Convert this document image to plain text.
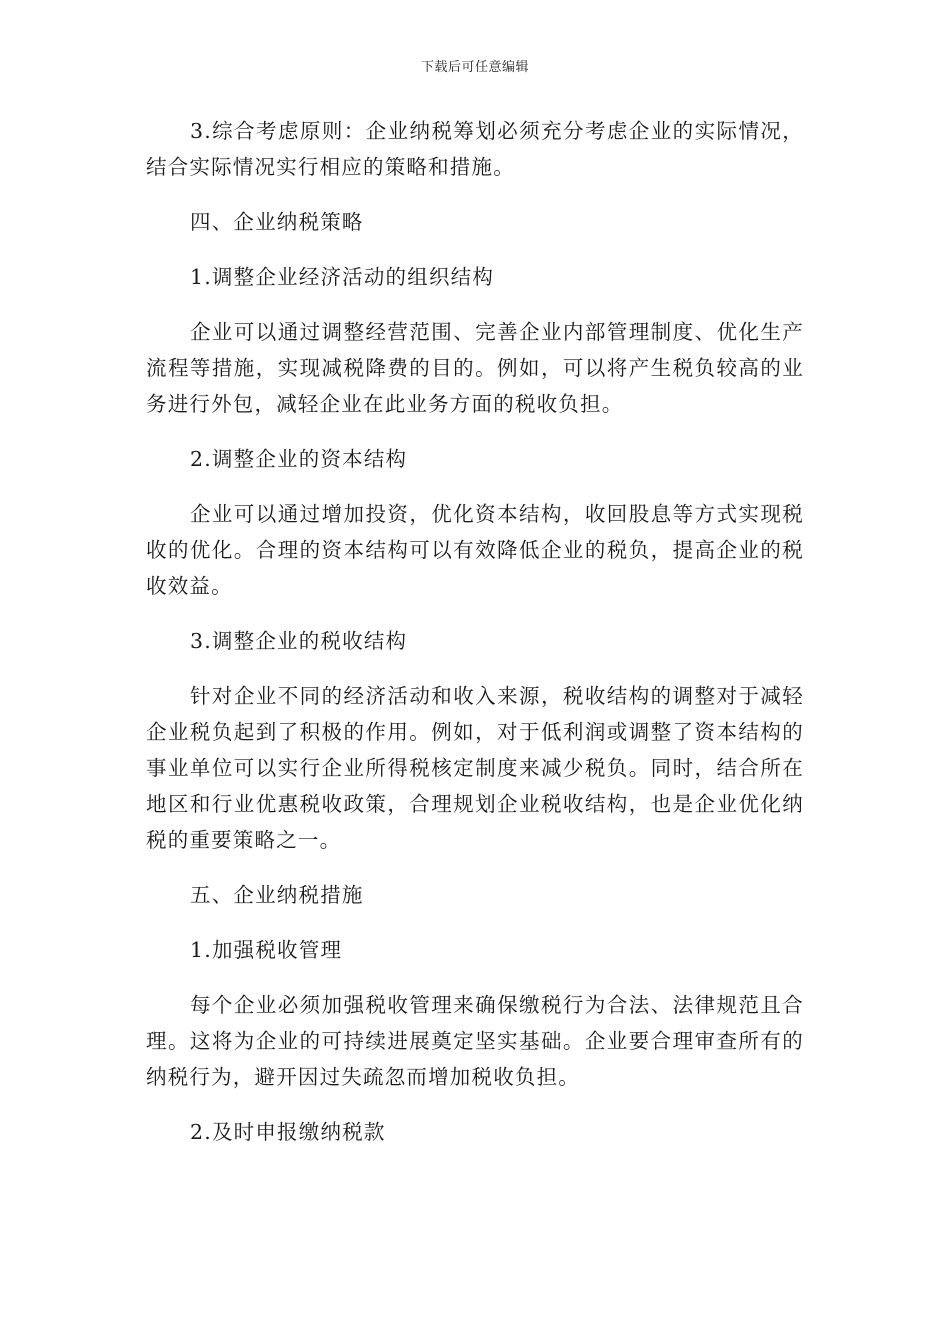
下载后可任意编辑

3.综合考虑原则：企业纳税筹划必须充分考虑企业的实际情况，结合实际情况实行相应的策略和措施。

四、企业纳税策略

1.调整企业经济活动的组织结构

企业可以通过调整经营范围、完善企业内部管理制度、优化生产流程等措施，实现减税降费的目的。例如，可以将产生税负较高的业务进行外包，减轻企业在此业务方面的税收负担。

2.调整企业的资本结构

企业可以通过增加投资，优化资本结构，收回股息等方式实现税收的优化。合理的资本结构可以有效降低企业的税负，提高企业的税收效益。

3.调整企业的税收结构

针对企业不同的经济活动和收入来源，税收结构的调整对于减轻企业税负起到了积极的作用。例如，对于低利润或调整了资本结构的事业单位可以实行企业所得税核定制度来减少税负。同时，结合所在地区和行业优惠税收政策，合理规划企业税收结构，也是企业优化纳税的重要策略之一。

五、企业纳税措施

1.加强税收管理

每个企业必须加强税收管理来确保缴税行为合法、法律规范且合理。这将为企业的可持续进展奠定坚实基础。企业要合理审查所有的纳税行为，避开因过失疏忽而增加税收负担。

2.及时申报缴纳税款
